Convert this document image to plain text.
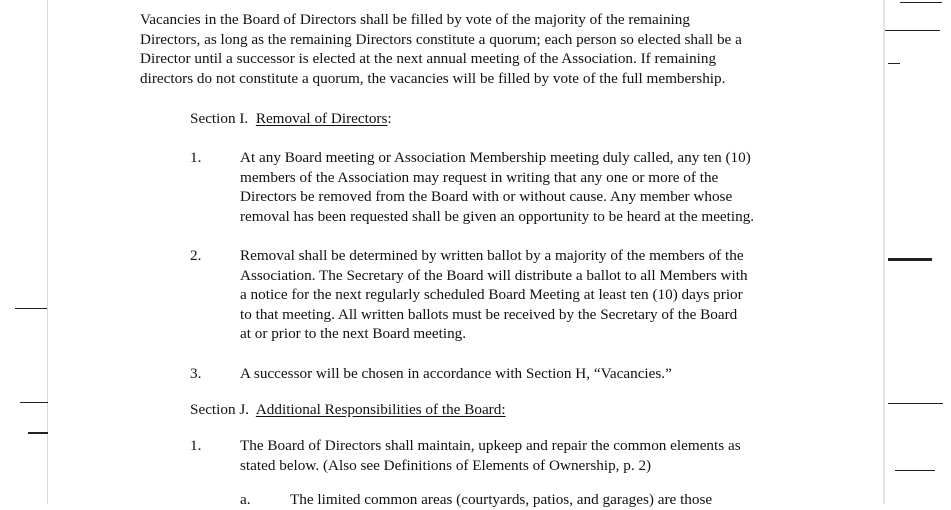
Vacancies in the Board of Directors shall be filled by vote of the majority of the remaining
Directors, as long as the remaining Directors constitute a quorum; each person so elected shall be a
Director until a successor is elected at the next annual meeting of the Association. If remaining
directors do not constitute a quorum, the vacancies will be filled by vote of the full membership.
Section I. Removal of Directors:
1.	At any Board meeting or Association Membership meeting duly called, any ten (10)
members of the Association may request in writing that any one or more of the
Directors be removed from the Board with or without cause. Any member whose
removal has been requested shall be given an opportunity to be heard at the meeting.
2.	Removal shall be determined by written ballot by a majority of the members of the
Association. The Secretary of the Board will distribute a ballot to all Members with
a notice for the next regularly scheduled Board Meeting at least ten (10) days prior
to that meeting. All written ballots must be received by the Secretary of the Board
at or prior to the next Board meeting.
3.	A successor will be chosen in accordance with Section H, “Vacancies.”
Section J. Additional Responsibilities of the Board:
1.	The Board of Directors shall maintain, upkeep and repair the common elements as
stated below. (Also see Definitions of Elements of Ownership, p. 2)
a.	The limited common areas (courtyards, patios, and garages) are those
